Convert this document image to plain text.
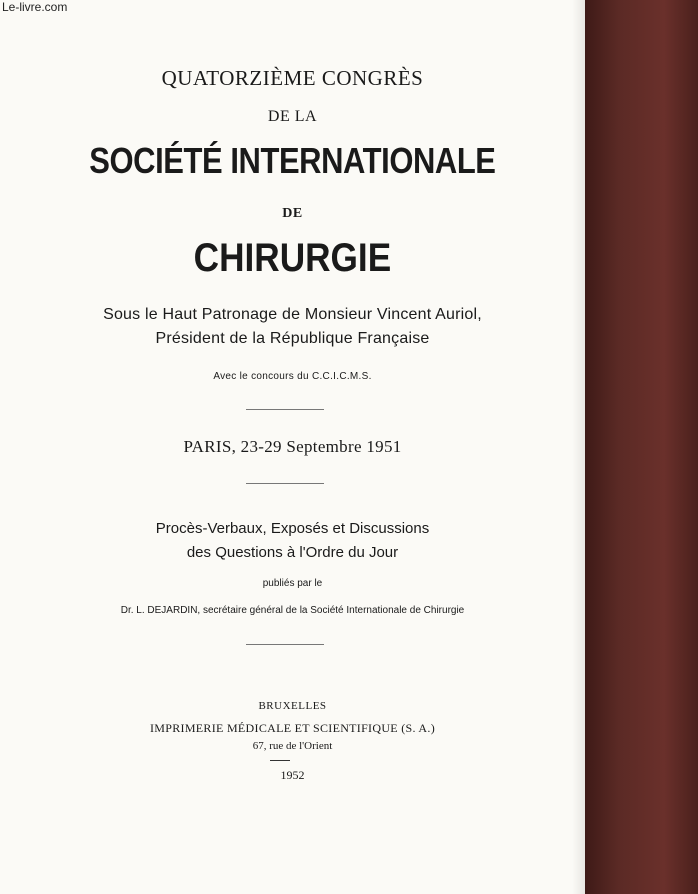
QUATORZIÈME CONGRÈS
DE LA
SOCIÉTÉ INTERNATIONALE
DE
CHIRURGIE
Sous le Haut Patronage de Monsieur Vincent Auriol,
Président de la République Française
Avec le concours du C.C.I.C.M.S.
PARIS, 23-29 Septembre 1951
Procès-Verbaux, Exposés et Discussions
des Questions à l'Ordre du Jour
publiés par le
Dr. L. DEJARDIN, secrétaire général de la Société Internationale de Chirurgie
BRUXELLES
IMPRIMERIE MÉDICALE ET SCIENTIFIQUE (S. A.)
67, rue de l'Orient
1952
Le-livre.com
